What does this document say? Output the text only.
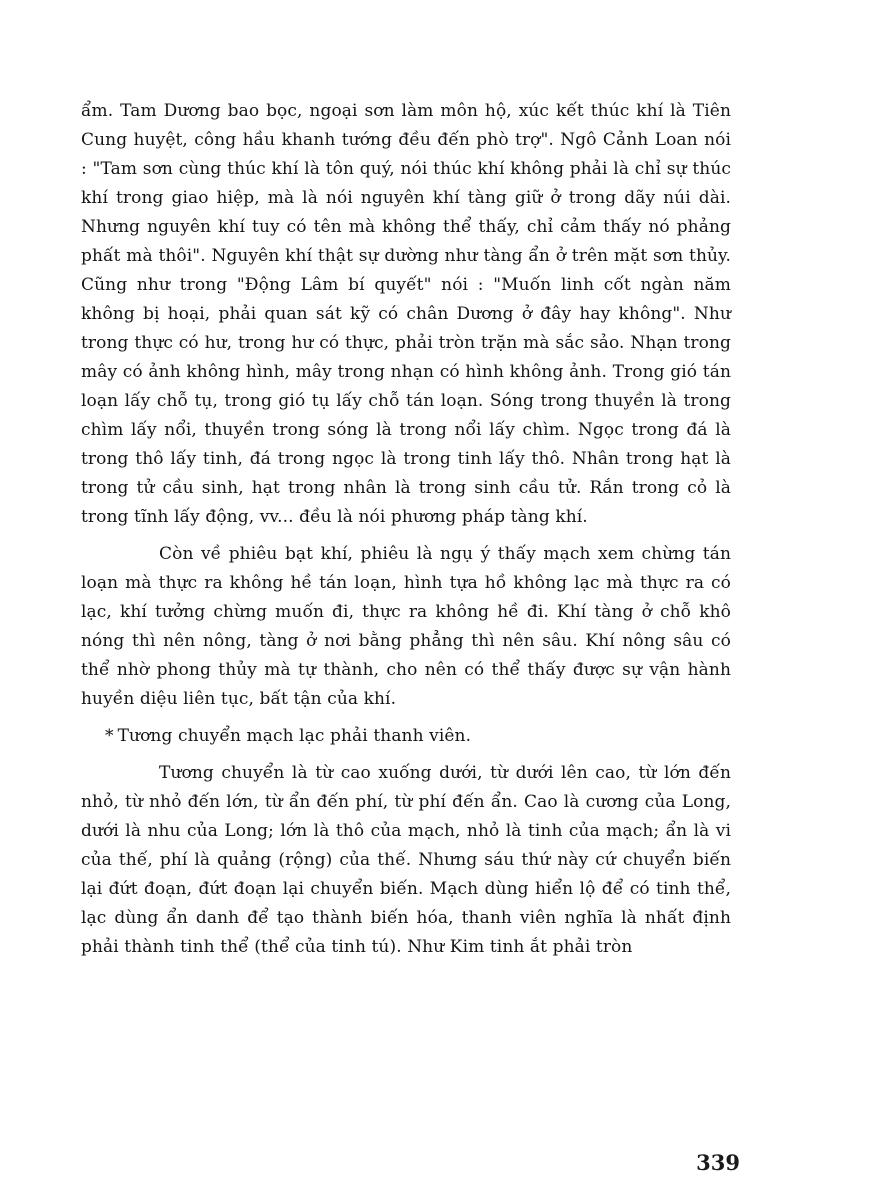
ẩm. Tam Dương bao bọc, ngoại sơn làm môn hộ, xúc kết thúc khí là Tiên Cung huyệt, công hầu khanh tướng đều đến phò trợ". Ngô Cảnh Loan nói : "Tam sơn cùng thúc khí là tôn quý, nói thúc khí không phải là chỉ sự thúc khí trong giao hiệp, mà là nói nguyên khí tàng giữ ở trong dãy núi dài. Nhưng nguyên khí tuy có tên mà không thể thấy, chỉ cảm thấy nó phảng phất mà thôi". Nguyên khí thật sự dường như tàng ẩn ở trên mặt sơn thủy. Cũng như trong "Động Lâm bí quyết" nói : "Muốn linh cốt ngàn năm không bị hoại, phải quan sát kỹ có chân Dương ở đây hay không". Như trong thực có hư, trong hư có thực, phải tròn trặn mà sắc sảo. Nhạn trong mây có ảnh không hình, mây trong nhạn có hình không ảnh. Trong gió tán loạn lấy chỗ tụ, trong gió tụ lấy chỗ tán loạn. Sóng trong thuyền là trong chìm lấy nổi, thuyền trong sóng là trong nổi lấy chìm. Ngọc trong đá là trong thô lấy tinh, đá trong ngọc là trong tinh lấy thô. Nhân trong hạt là trong tử cầu sinh, hạt trong nhân là trong sinh cầu tử. Rắn trong cỏ là trong tĩnh lấy động, vv... đều là nói phương pháp tàng khí.

Còn về phiêu bạt khí, phiêu là ngụ ý thấy mạch xem chừng tán loạn mà thực ra không hề tán loạn, hình tựa hồ không lạc mà thực ra có lạc, khí tưởng chừng muốn đi, thực ra không hề đi. Khí tàng ở chỗ khô nóng thì nên nông, tàng ở nơi bằng phẳng thì nên sâu. Khí nông sâu có thể nhờ phong thủy mà tự thành, cho nên có thể thấy được sự vận hành huyền diệu liên tục, bất tận của khí.

* Tương chuyển mạch lạc phải thanh viên.

Tương chuyển là từ cao xuống dưới, từ dưới lên cao, từ lớn đến nhỏ, từ nhỏ đến lớn, từ ẩn đến phí, từ phí đến ẩn. Cao là cương của Long, dưới là nhu của Long; lớn là thô của mạch, nhỏ là tinh của mạch; ẩn là vi của thế, phí là quảng (rộng) của thế. Nhưng sáu thứ này cứ chuyển biến lại đứt đoạn, đứt đoạn lại chuyển biến. Mạch dùng hiển lộ để có tinh thể, lạc dùng ẩn danh để tạo thành biến hóa, thanh viên nghĩa là nhất định phải thành tinh thể (thể của tinh tú). Như Kim tinh ắt phải tròn

339
